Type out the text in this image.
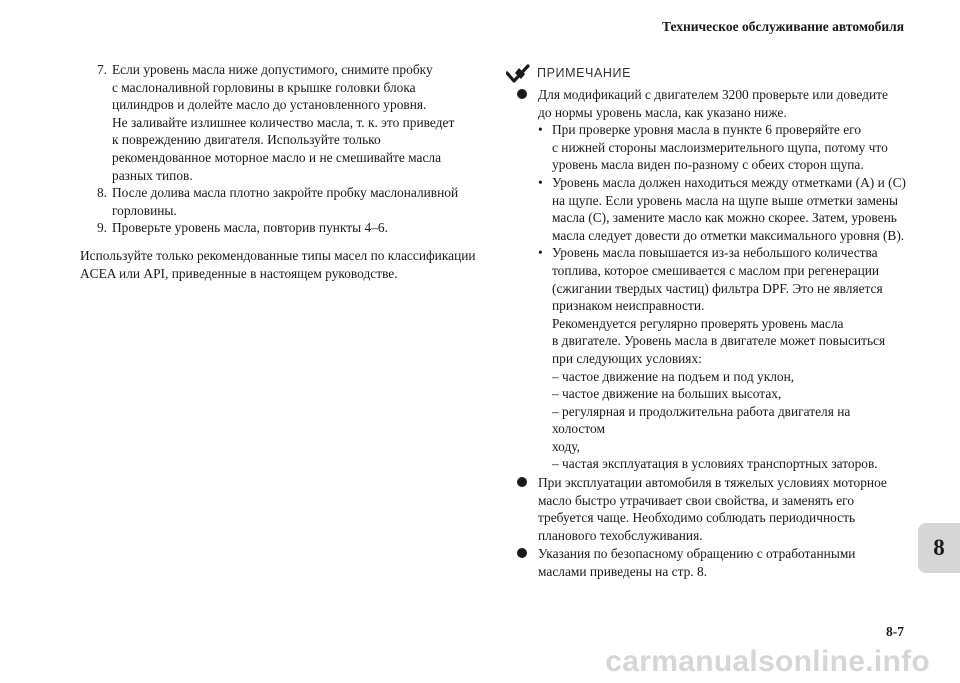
Техническое обслуживание автомобиля
7. Если уровень масла ниже допустимого, снимите пробку

с маслоналивной горловины в крышке головки блока

цилиндров и долейте масло до установленного уровня.

Не заливайте излишнее количество масла, т. к. это приведет

к повреждению двигателя. Используйте только

рекомендованное моторное масло и не смешивайте масла

разных типов.

8. После долива масла плотно закройте пробку маслоналивной

горловины.

9. Проверьте уровень масла, повторив пункты 4–6.

Используйте только рекомендованные типы масел по классификации

ACEA или API, приведенные в настоящем руководстве.

ПРИМЕЧАНИЕ

Для модификаций с двигателем 3200 проверьте или доведите

до нормы уровень масла, как указано ниже.

• При проверке уровня масла в пункте 6 проверяйте его

с нижней стороны маслоизмерительного щупа, потому что

уровень масла виден по-разному с обеих сторон щупа.

• Уровень масла должен находиться между отметками (A) и (C)

на щупе. Если уровень масла на щупе выше отметки замены

масла (C), замените масло как можно скорее. Затем, уровень

масла следует довести до отметки максимального уровня (B).

• Уровень масла повышается из-за небольшого количества

топлива, которое смешивается с маслом при регенерации

(сжигании твердых частиц) фильтра DPF. Это не является

признаком неисправности.

Рекомендуется регулярно проверять уровень масла

в двигателе. Уровень масла в двигателе может повыситься

при следующих условиях:

– частое движение на подъем и под уклон,

– частое движение на больших высотах,

– регулярная и продолжительна работа двигателя на холостом

ходу,

– частая эксплуатация в условиях транспортных заторов.

При эксплуатации автомобиля в тяжелых условиях моторное

масло быстро утрачивает свои свойства, и заменять его

требуется чаще. Необходимо соблюдать периодичность

планового техобслуживания.

Указания по безопасному обращению с отработанными

маслами приведены на стр. 8.

8
8-7
carmanualsonline.info
